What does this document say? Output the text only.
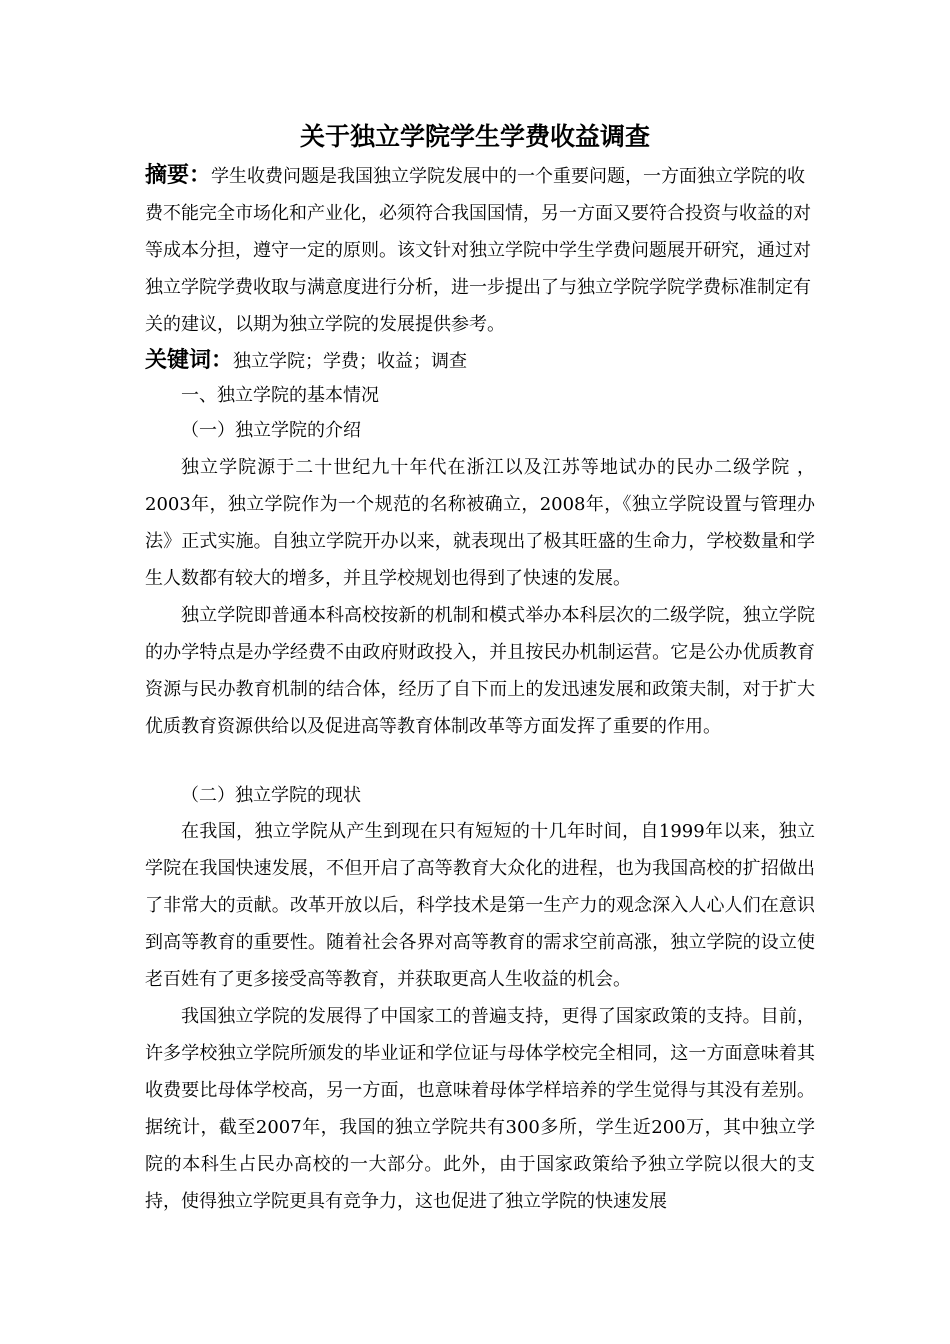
关于独立学院学生学费收益调查
摘要：学生收费问题是我国独立学院发展中的一个重要问题，一方面独立学院的收费不能完全市场化和产业化，必须符合我国国情，另一方面又要符合投资与收益的对等成本分担，遵守一定的原则。该文针对独立学院中学生学费问题展开研究，通过对独立学院学费收取与满意度进行分析，进一步提出了与独立学院学院学费标准制定有关的建议，以期为独立学院的发展提供参考。
关键词：独立学院；学费；收益；调查
一、独立学院的基本情况
（一）独立学院的介绍

独立学院源于二十世纪九十年代在浙江以及江苏等地试办的民办二级学院 ，2003年，独立学院作为一个规范的名称被确立，2008年，《独立学院设置与管理办法》正式实施。自独立学院开办以来，就表现出了极其旺盛的生命力，学校数量和学生人数都有较大的增多，并且学校规划也得到了快速的发展。

独立学院即普通本科高校按新的机制和模式举办本科层次的二级学院，独立学院的办学特点是办学经费不由政府财政投入，并且按民办机制运营。它是公办优质教育资源与民办教育机制的结合体，经历了自下而上的发迅速发展和政策夫制，对于扩大优质教育资源供给以及促进高等教育体制改革等方面发挥了重要的作用。

（二）独立学院的现状

在我国，独立学院从产生到现在只有短短的十几年时间，自1999年以来，独立学院在我国快速发展，不但开启了高等教育大众化的进程，也为我国高校的扩招做出了非常大的贡献。改革开放以后，科学技术是第一生产力的观念深入人心人们在意识到高等教育的重要性。随着社会各界对高等教育的需求空前高涨，独立学院的设立使老百姓有了更多接受高等教育，并获取更高人生收益的机会。

我国独立学院的发展得了中国家工的普遍支持，更得了国家政策的支持。目前，许多学校独立学院所颁发的毕业证和学位证与母体学校完全相同，这一方面意味着其收费要比母体学校高，另一方面，也意味着母体学样培养的学生觉得与其没有差别。据统计，截至2007年，我国的独立学院共有300多所，学生近200万，其中独立学院的本科生占民办高校的一大部分。此外，由于国家政策给予独立学院以很大的支持，使得独立学院更具有竞争力，这也促进了独立学院的快速发展
